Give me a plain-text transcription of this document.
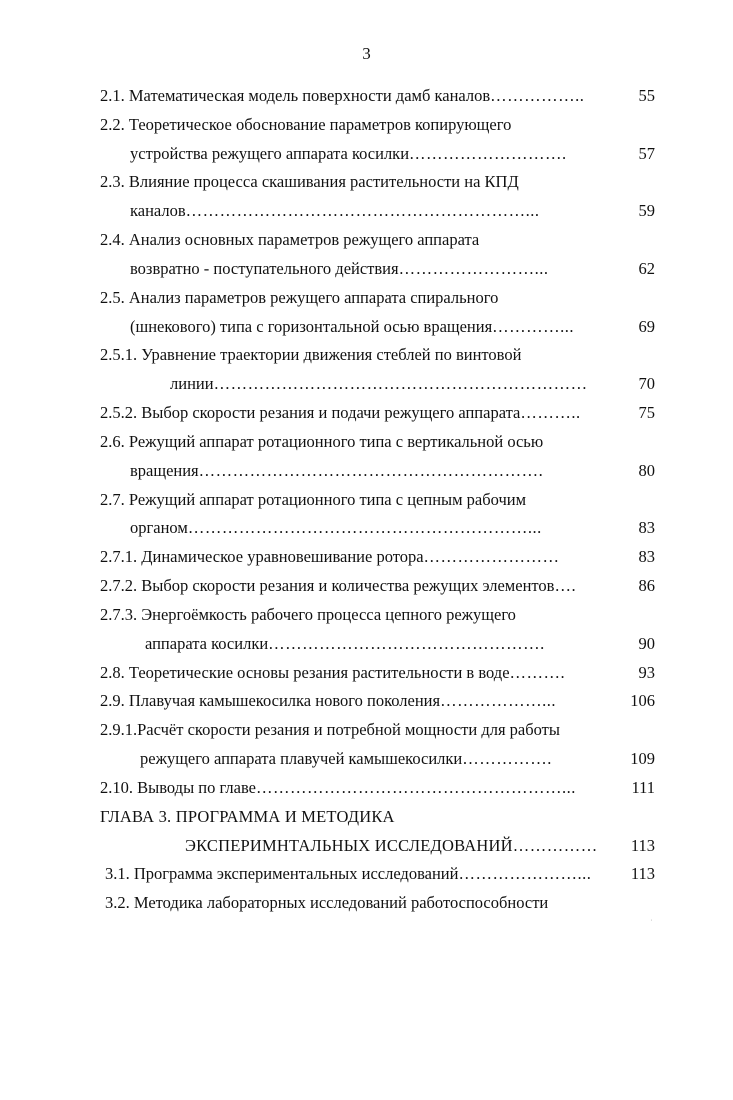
3
2.1. Математическая модель поверхности дамб каналов……………..	55
2.2. Теоретическое обоснование параметров копирующего
устройства режущего аппарата косилки……………………….	57
2.3. Влияние процесса скашивания растительности на КПД
каналов……………………………………………………...	59
2.4. Анализ основных параметров режущего аппарата
возвратно - поступательного действия……………………...	62
2.5. Анализ параметров режущего аппарата спирального
(шнекового) типа с горизонтальной осью вращения…………...	69
2.5.1. Уравнение траектории движения стеблей по винтовой
линии…………………………………………………………	70
2.5.2. Выбор скорости резания и подачи режущего аппарата………..	75
2.6. Режущий аппарат ротационного типа с вертикальной осью
вращения…………………………………………………….	80
2.7. Режущий аппарат ротационного типа с цепным рабочим
органом……………………………………………………...	83
2.7.1. Динамическое уравновешивание ротора……………………	83
2.7.2. Выбор скорости резания и количества режущих элементов….	86
2.7.3. Энергоёмкость рабочего процесса цепного режущего
аппарата косилки………………………………………….	90
2.8. Теоретические основы резания растительности в воде……….	93
2.9. Плавучая камышекосилка нового поколения………………...	106
2.9.1.Расчёт скорости резания и потребной мощности для работы
режущего аппарата плавучей камышекосилки…………….	109
2.10. Выводы по главе………………………………………………...	111
ГЛАВА 3. ПРОГРАММА И МЕТОДИКА
ЭКСПЕРИМНТАЛЬНЫХ ИССЛЕДОВАНИЙ……………	113
3.1. Программа экспериментальных исследований…………………...	113
3.2. Методика лабораторных исследований работоспособности
˙
